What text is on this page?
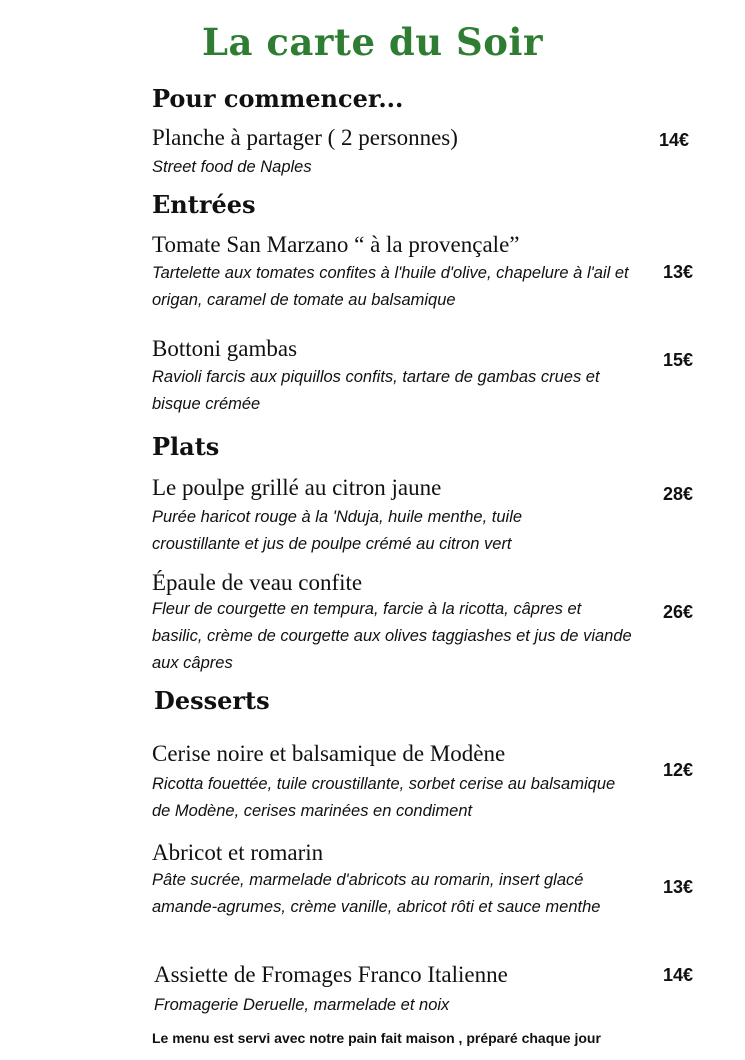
La carte du Soir
Pour commencer...
Planche à partager ( 2 personnes)
Street food de Naples
14€
Entrées
Tomate San Marzano “ à la provençale”
Tartelette aux tomates confites à l'huile d'olive, chapelure à l'ail et origan, caramel de tomate au balsamique
13€
Bottoni gambas
Ravioli farcis aux piquillos confits, tartare de gambas crues et bisque crémée
15€
Plats
Le poulpe grillé au citron jaune
Purée haricot rouge à la 'Nduja, huile menthe, tuile croustillante et jus de poulpe crémé au citron vert
28€
Épaule de veau confite
Fleur de courgette en tempura, farcie à la ricotta, câpres et basilic, crème de courgette aux olives taggiashes et jus de viande aux câpres
26€
Desserts
Cerise noire et balsamique de Modène
Ricotta fouettée, tuile croustillante, sorbet cerise au balsamique de Modène, cerises marinées en condiment
12€
Abricot et romarin
Pâte sucrée, marmelade d'abricots au romarin, insert glacé amande-agrumes, crème vanille, abricot rôti et sauce menthe
13€
Assiette de Fromages Franco Italienne
Fromagerie Deruelle, marmelade et noix
14€
Le menu est servi avec notre pain fait maison , préparé chaque jour
